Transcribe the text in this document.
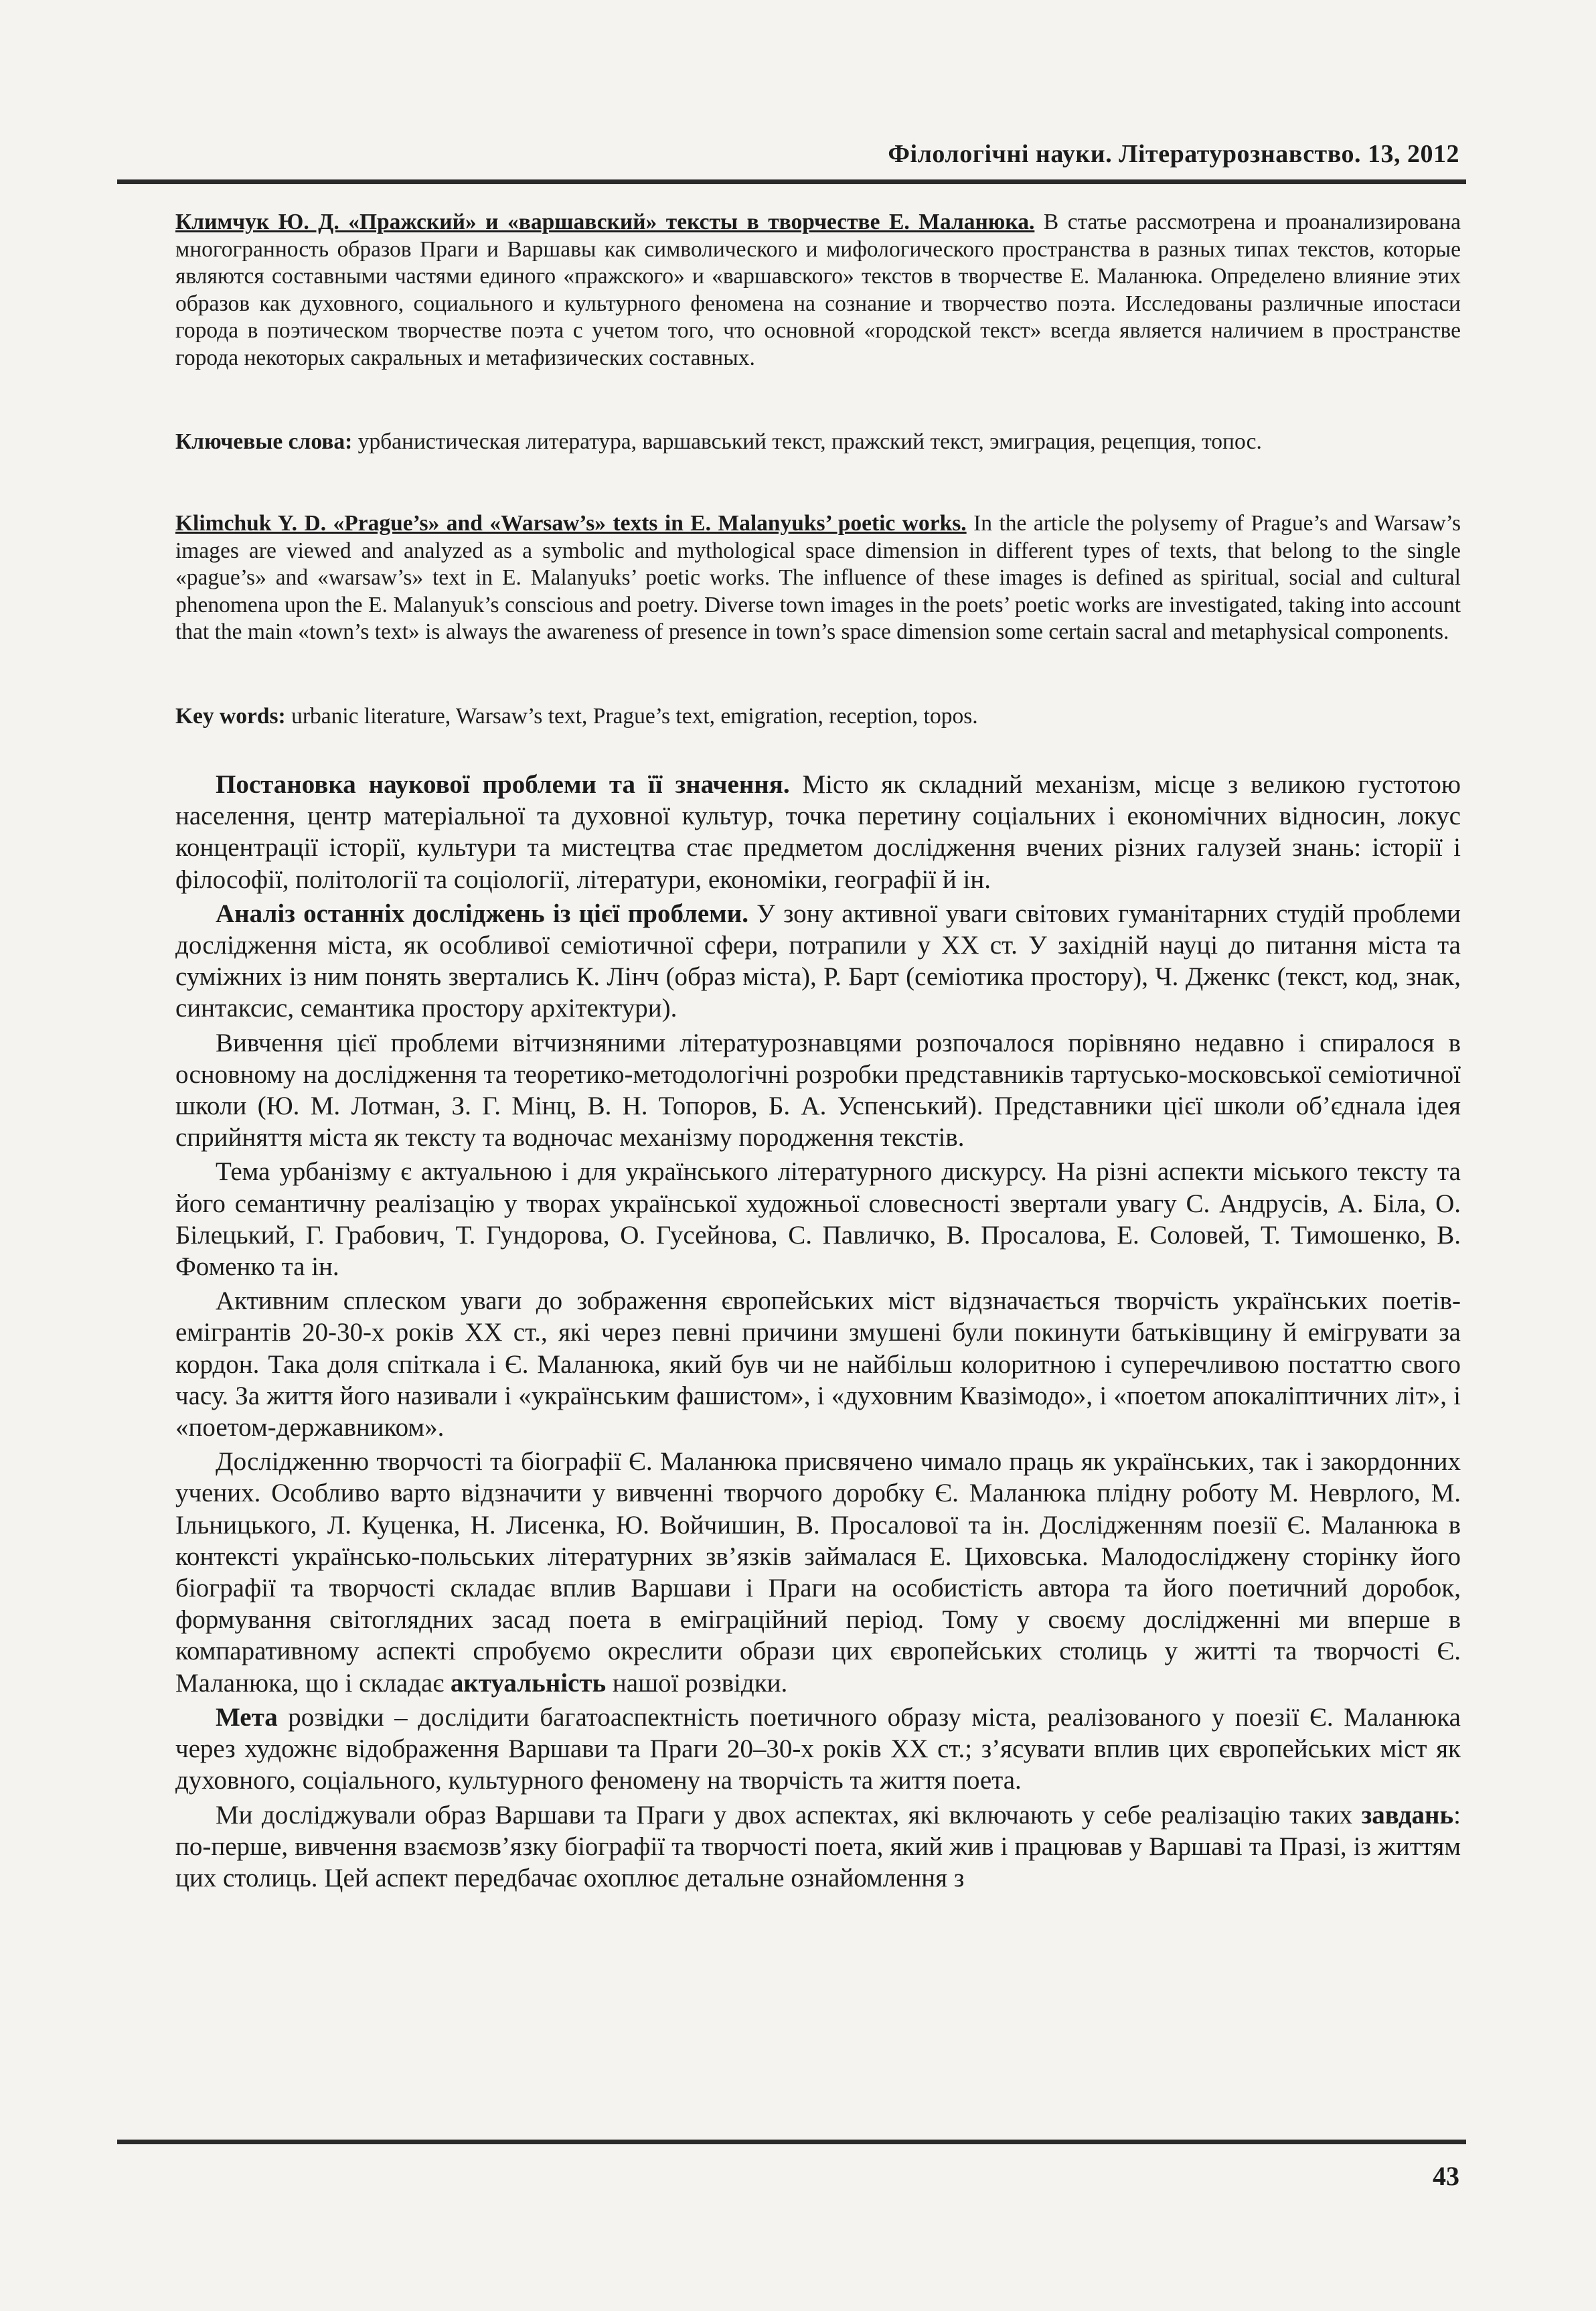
Філологічні науки. Літературознавство. 13, 2012

Климчук Ю. Д. «Пражский» и «варшавский» тексты в творчестве Е. Маланюка. В статье рассмотрена и проанализирована многогранность образов Праги и Варшавы как символического и мифологического пространства в разных типах текстов, которые являются составными частями единого «пражского» и «варшавского» текстов в творчестве Е. Маланюка. Определено влияние этих образов как духовного, социального и культурного феномена на сознание и творчество поэта. Исследованы различные ипостаси города в поэтическом творчестве поэта с учетом того, что основной «городской текст» всегда является наличием в пространстве города некоторых сакральных и метафизических составных.

Ключевые слова: урбанистическая литература, варшавський текст, пражский текст, эмиграция, рецепция, топос.

Klimchuk Y. D. «Prague’s» and «Warsaw’s» texts in E. Malanyuks’ poetic works. In the article the polysemy of Prague’s and Warsaw’s images are viewed and analyzed as a symbolic and mythological space dimension in different types of texts, that belong to the single «pague’s» and «warsaw’s» text in E. Malanyuks’ poetic works. The influence of these images is defined as spiritual, social and cultural phenomena upon the E. Malanyuk’s conscious and poetry. Diverse town images in the poets’ poetic works are investigated, taking into account that the main «town’s text» is always the awareness of presence in town’s space dimension some certain sacral and metaphysical components.

Key words: urbanic literature, Warsaw’s text, Prague’s text, emigration, reception, topos.

Постановка наукової проблеми та її значення. Місто як складний механізм, місце з великою густотою населення, центр матеріальної та духовної культур, точка перетину соціальних і економічних відносин, локус концентрації історії, культури та мистецтва стає предметом дослідження вчених різних галузей знань: історії і філософії, політології та соціології, літератури, економіки, географії й ін.

Аналіз останніх досліджень із цієї проблеми. У зону активної уваги світових гуманітарних студій проблеми дослідження міста, як особливої семіотичної сфери, потрапили у XX ст. У західній науці до питання міста та суміжних із ним понять звертались К. Лінч (образ міста), Р. Барт (семіотика простору), Ч. Дженкс (текст, код, знак, синтаксис, семантика простору архітектури).

Вивчення цієї проблеми вітчизняними літературознавцями розпочалося порівняно недавно і спиралося в основному на дослідження та теоретико-методологічні розробки представників тартусько-московської семіотичної школи (Ю. М. Лотман, З. Г. Мінц, В. Н. Топоров, Б. А. Успенський). Представники цієї школи об’єднала ідея сприйняття міста як тексту та водночас механізму породження текстів.

Тема урбанізму є актуальною і для українського літературного дискурсу. На різні аспекти міського тексту та його семантичну реалізацію у творах української художньої словесності звертали увагу С. Андрусів, А. Біла, О. Білецький, Г. Грабович, Т. Гундорова, О. Гусейнова, С. Павличко, В. Просалова, Е. Соловей, Т. Тимошенко, В. Фоменко та ін.

Активним сплеском уваги до зображення європейських міст відзначається творчість українських поетів-емігрантів 20-30-х років XX ст., які через певні причини змушені були покинути батьківщину й емігрувати за кордон. Така доля спіткала і Є. Маланюка, який був чи не найбільш колоритною і суперечливою постаттю свого часу. За життя його називали і «українським фашистом», і «духовним Квазімодо», і «поетом апокаліптичних літ», і «поетом-державником».

Дослідженню творчості та біографії Є. Маланюка присвячено чимало праць як українських, так і закордонних учених. Особливо варто відзначити у вивченні творчого доробку Є. Маланюка плідну роботу М. Неврлого, М. Ільницького, Л. Куценка, Н. Лисенка, Ю. Войчишин, В. Просалової та ін. Дослідженням поезії Є. Маланюка в контексті українсько-польських літературних зв’язків займалася Е. Циховська. Малодосліджену сторінку його біографії та творчості складає вплив Варшави і Праги на особистість автора та його поетичний доробок, формування світоглядних засад поета в еміграційний період. Тому у своєму дослідженні ми вперше в компаративному аспекті спробуємо окреслити образи цих європейських столиць у житті та творчості Є. Маланюка, що і складає актуальність нашої розвідки.

Мета розвідки – дослідити багатоаспектність поетичного образу міста, реалізованого у поезії Є. Маланюка через художнє відображення Варшави та Праги 20–30-х років XX ст.; з’ясувати вплив цих європейських міст як духовного, соціального, культурного феномену на творчість та життя поета.

Ми досліджували образ Варшави та Праги у двох аспектах, які включають у себе реалізацію таких завдань: по-перше, вивчення взаємозв’язку біографії та творчості поета, який жив і працював у Варшаві та Празі, із життям цих столиць. Цей аспект передбачає охоплює детальне ознайомлення з

43
